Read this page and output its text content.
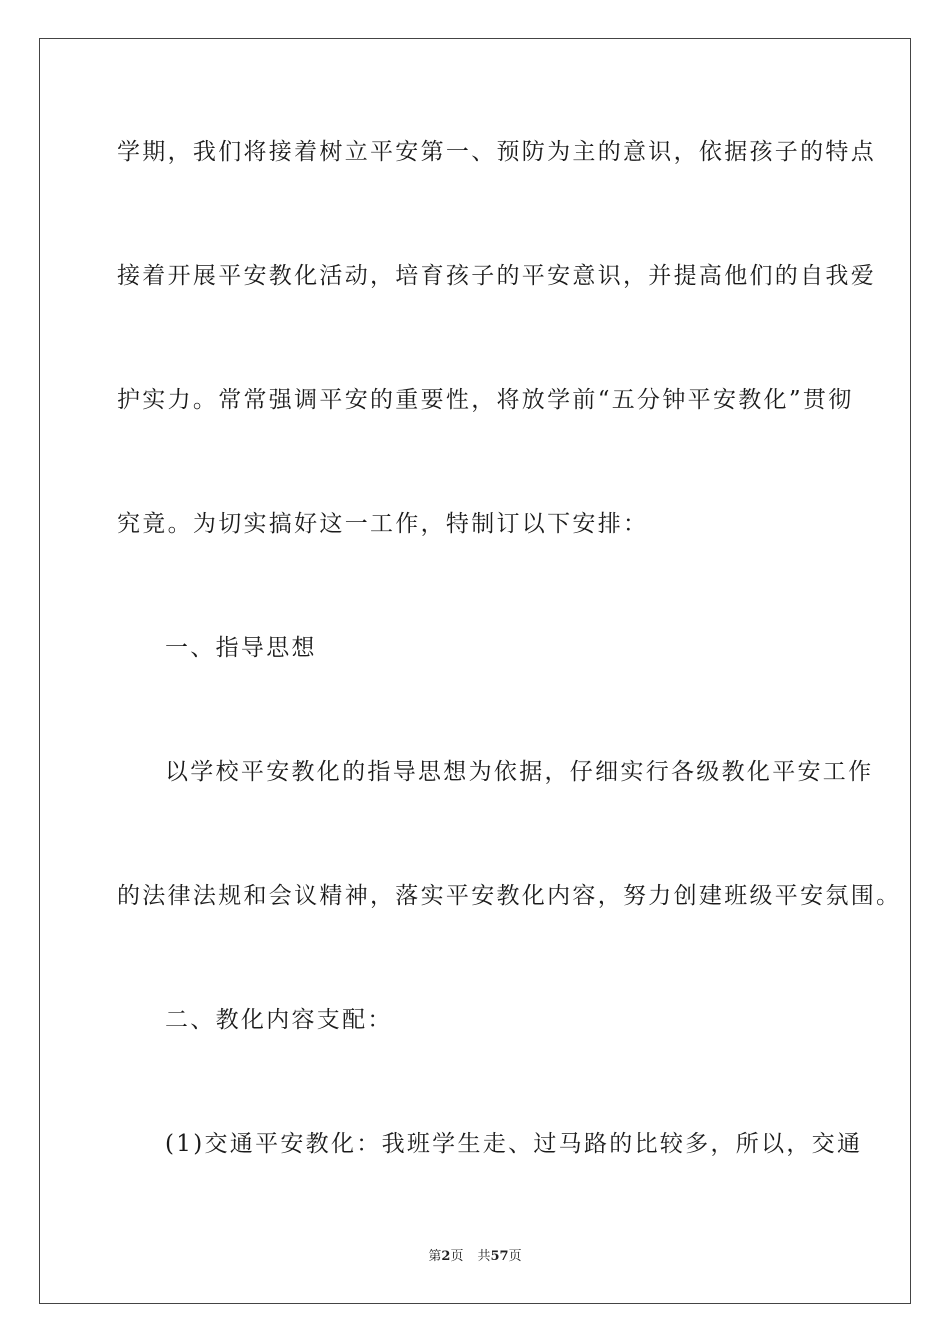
学期，我们将接着树立平安第一、预防为主的意识，依据孩子的特点
接着开展平安教化活动，培育孩子的平安意识，并提高他们的自我爱
护实力。常常强调平安的重要性，将放学前“五分钟平安教化”贯彻
究竟。为切实搞好这一工作，特制订以下安排：
一、指导思想
以学校平安教化的指导思想为依据，仔细实行各级教化平安工作
的法律法规和会议精神，落实平安教化内容，努力创建班级平安氛围。
二、教化内容支配：
(1)交通平安教化：我班学生走、过马路的比较多，所以，交通
第2页 共57页
